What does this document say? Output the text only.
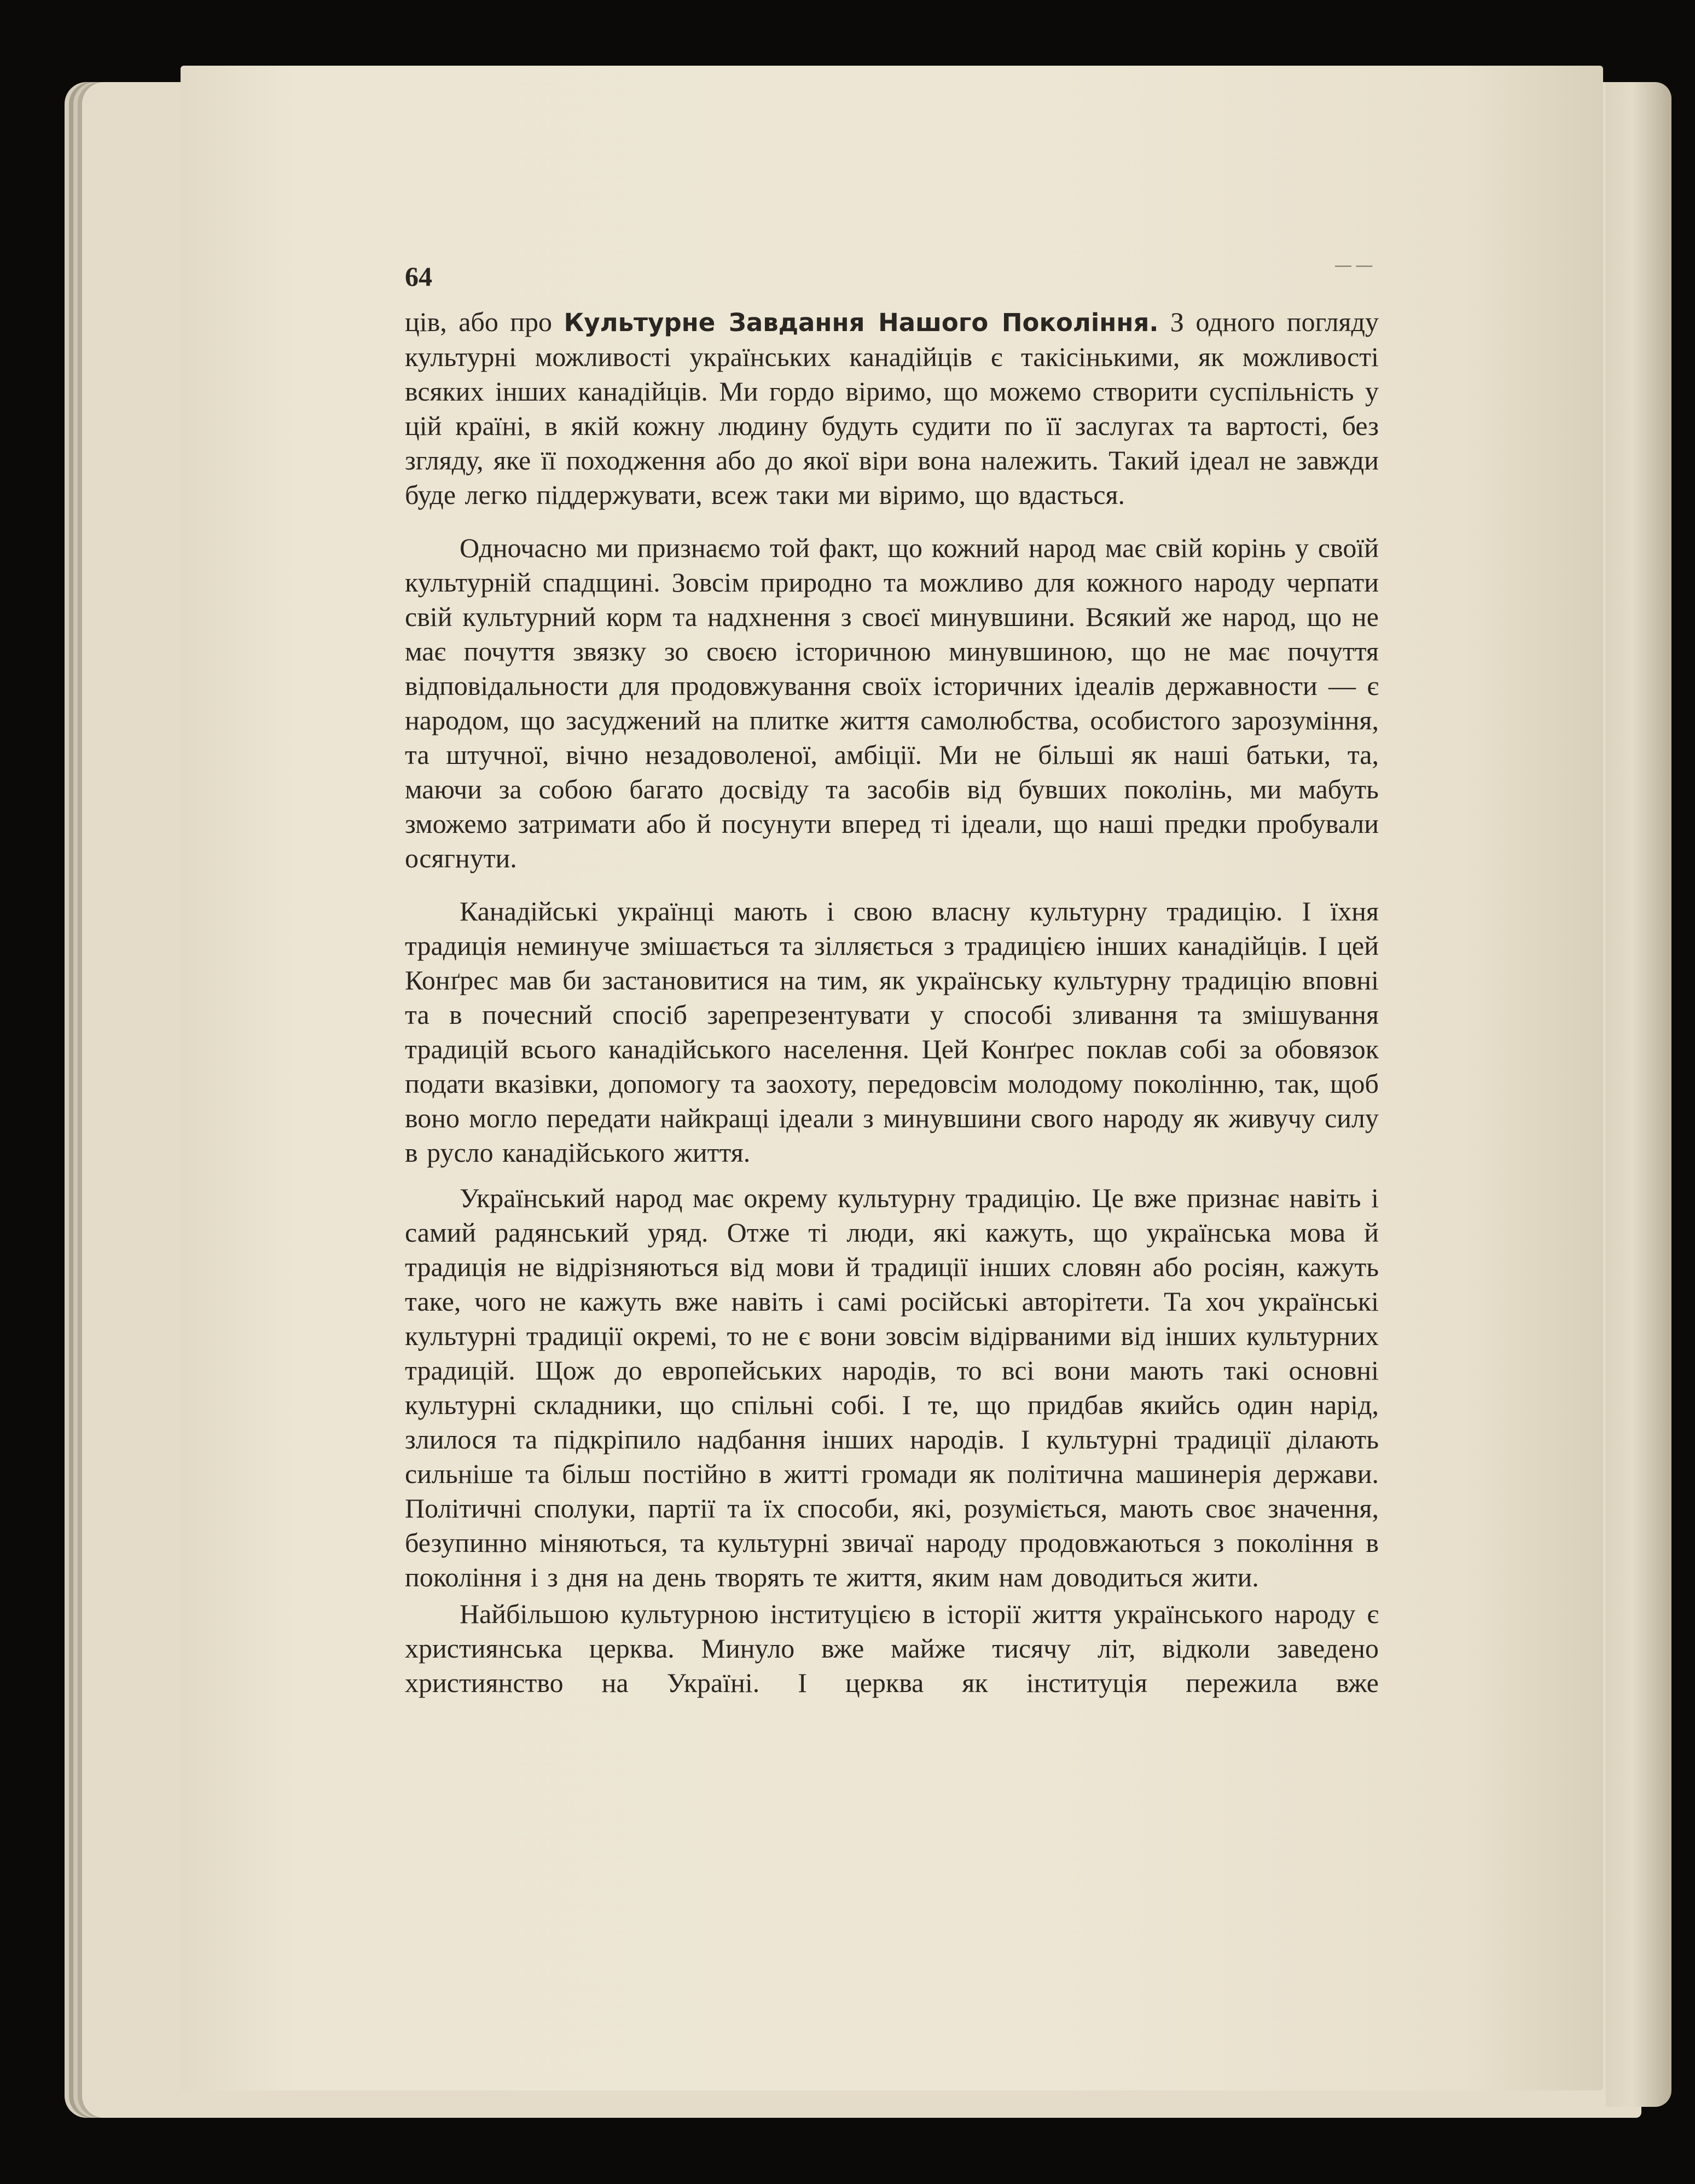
— —
64

ців, або про Культурне Завдання Нашого Покоління. З одного погляду культурні можливості українських канадійців є такісінькими, як можливості всяких інших канадійців. Ми гордо віримо, що можемо створити суспільність у цій країні, в якій кожну людину будуть судити по її заслугах та вартості, без згляду, яке її походження або до якої віри вона належить. Такий ідеал не завжди буде легко піддержувати, всеж таки ми віримо, що вдасться.

Одночасно ми признаємо той факт, що кожний народ має свій корінь у своїй культурній спадщині. Зовсім природно та можливо для кожного народу черпати свій культурний корм та надхнення з своєї минувшини. Всякий же народ, що не має почуття звязку зо своєю історичною минувшиною, що не має почуття відповідальности для продовжування своїх історичних ідеалів державности — є народом, що засуджений на плитке життя самолюбства, особистого зарозуміння, та штучної, вічно незадоволеної, амбіції. Ми не більші як наші батьки, та, маючи за собою багато досвіду та засобів від бувших поколінь, ми мабуть зможемо затримати або й посунути вперед ті ідеали, що наші предки пробували осягнути.

Канадійські українці мають і свою власну культурну традицію. І їхня традиція неминуче змішається та зілляється з традицією інших канадійців. І цей Конґрес мав би застановитися на тим, як українську культурну традицію вповні та в почесний спосіб зарепрезентувати у способі зливання та змішування традицій всього канадійського населення. Цей Конґрес поклав собі за обовязок подати вказівки, допомогу та заохоту, передовсім молодому поколінню, так, щоб воно могло передати найкращі ідеали з минувшини свого народу як живучу силу в русло канадійського життя.

Український народ має окрему культурну традицію. Це вже признає навіть і самий радянський уряд. Отже ті люди, які кажуть, що українська мова й традиція не відрізняються від мови й традиції інших словян або росіян, кажуть таке, чого не кажуть вже навіть і самі російські авторітети. Та хоч українські культурні традиції окремі, то не є вони зовсім відірваними від інших культурних традицій. Щож до европейських народів, то всі вони мають такі основні культурні складники, що спільні собі. І те, що придбав якийсь один нарід, злилося та підкріпило надбання інших народів. І культурні традиції ділають сильніше та більш постійно в житті громади як політична машинерія держави. Політичні сполуки, партії та їх способи, які, розуміється, мають своє значення, безупинно міняються, та культурні звичаї народу продовжаються з покоління в покоління і з дня на день творять те життя, яким нам доводиться жити.

Найбільшою культурною інституцією в історії життя українського народу є християнська церква. Минуло вже майже тисячу літ, відколи заведено християнство на Україні. І церква як інституція пережила вже
